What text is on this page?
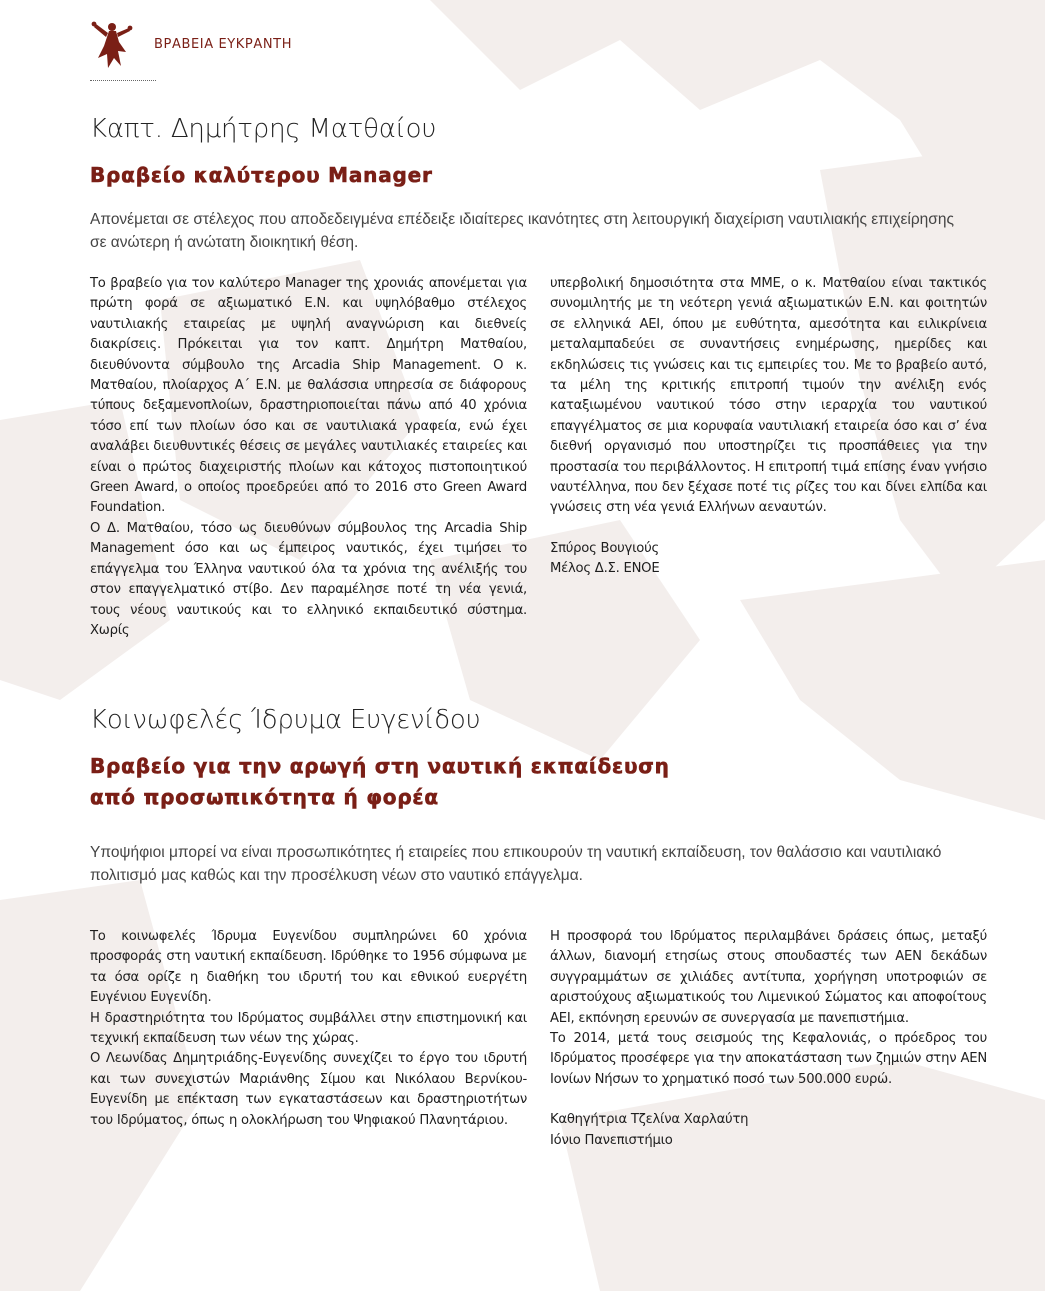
ΒΡΑΒΕΙΑ ΕΥΚΡΑΝΤΗ
Καπτ. Δημήτρης Ματθαίου
Βραβείο καλύτερου Manager
Απονέμεται σε στέλεχος που αποδεδειγμένα επέδειξε ιδιαίτερες ικανότητες στη λειτουργική διαχείριση ναυτιλιακής επιχείρησης σε ανώτερη ή ανώτατη διοικητική θέση.

Το βραβείο για τον καλύτερο Manager της χρονιάς απονέμεται για πρώτη φορά σε αξιωματικό Ε.Ν. και υψηλόβαθμο στέλεχος ναυτιλιακής εταιρείας με υψηλή αναγνώριση και διεθνείς διακρίσεις. Πρόκειται για τον καπτ. Δημήτρη Ματθαίου, διευθύνοντα σύμβουλο της Arcadia Ship Management. Ο κ. Ματθαίου, πλοίαρχος Α΄ Ε.Ν. με θαλάσσια υπηρεσία σε διάφορους τύπους δεξαμενοπλοίων, δραστηριοποιείται πάνω από 40 χρόνια τόσο επί των πλοίων όσο και σε ναυτιλιακά γραφεία, ενώ έχει αναλάβει διευθυντικές θέσεις σε μεγάλες ναυτιλιακές εταιρείες και είναι ο πρώτος διαχειριστής πλοίων και κάτοχος πιστοποιητικού Green Award, ο οποίος προεδρεύει από το 2016 στο Green Award Foundation.

Ο Δ. Ματθαίου, τόσο ως διευθύνων σύμβουλος της Arcadia Ship Management όσο και ως έμπειρος ναυτικός, έχει τιμήσει το επάγγελμα του Έλληνα ναυτικού όλα τα χρόνια της ανέλιξής του στον επαγγελματικό στίβο. Δεν παραμέλησε ποτέ τη νέα γενιά, τους νέους ναυτικούς και το ελληνικό εκπαιδευτικό σύστημα. Χωρίς

υπερβολική δημοσιότητα στα ΜΜΕ, ο κ. Ματθαίου είναι τακτικός συνομιλητής με τη νεότερη γενιά αξιωματικών Ε.Ν. και φοιτητών σε ελληνικά ΑΕΙ, όπου με ευθύτητα, αμεσότητα και ειλικρίνεια μεταλαμπαδεύει σε συναντήσεις ενημέρωσης, ημερίδες και εκδηλώσεις τις γνώσεις και τις εμπειρίες του. Με το βραβείο αυτό, τα μέλη της κριτικής επιτροπή τιμούν την ανέλιξη ενός καταξιωμένου ναυτικού τόσο στην ιεραρχία του ναυτικού επαγγέλματος σε μια κορυφαία ναυτιλιακή εταιρεία όσο και σ’ ένα διεθνή οργανισμό που υποστηρίζει τις προσπάθειες για την προστασία του περιβάλλοντος. Η επιτροπή τιμά επίσης έναν γνήσιο ναυτέλληνα, που δεν ξέχασε ποτέ τις ρίζες του και δίνει ελπίδα και γνώσεις στη νέα γενιά Ελλήνων αεναυτών.

Σπύρος Βουγιούς

Μέλος Δ.Σ. ΕΝΟΕ

Κοινωφελές Ίδρυμα Ευγενίδου
Βραβείο για την αρωγή στη ναυτική εκπαίδευση
από προσωπικότητα ή φορέα
Υποψήφιοι μπορεί να είναι προσωπικότητες ή εταιρείες που επικουρούν τη ναυτική εκπαίδευση, τον θαλάσσιο και ναυτιλιακό πολιτισμό μας καθώς και την προσέλκυση νέων στο ναυτικό επάγγελμα.

Το κοινωφελές Ίδρυμα Ευγενίδου συμπληρώνει 60 χρόνια προσφοράς στη ναυτική εκπαίδευση. Ιδρύθηκε το 1956 σύμφωνα με τα όσα ορίζε η διαθήκη του ιδρυτή του και εθνικού ευεργέτη Ευγένιου Ευγενίδη.

Η δραστηριότητα του Ιδρύματος συμβάλλει στην επιστημονική και τεχνική εκπαίδευση των νέων της χώρας.

Ο Λεωνίδας Δημητριάδης-Ευγενίδης συνεχίζει το έργο του ιδρυτή και των συνεχιστών Μαριάνθης Σίμου και Νικόλαου Βερνίκου-Ευγενίδη με επέκταση των εγκαταστάσεων και δραστηριοτήτων του Ιδρύματος, όπως η ολοκλήρωση του Ψηφιακού Πλανητάριου.

Η προσφορά του Ιδρύματος περιλαμβάνει δράσεις όπως, μεταξύ άλλων, διανομή ετησίως στους σπουδαστές των ΑΕΝ δεκάδων συγγραμμάτων σε χιλιάδες αντίτυπα, χορήγηση υποτροφιών σε αριστούχους αξιωματικούς του Λιμενικού Σώματος και αποφοίτους ΑΕΙ, εκπόνηση ερευνών σε συνεργασία με πανεπιστήμια.

Το 2014, μετά τους σεισμούς της Κεφαλονιάς, ο πρόεδρος του Ιδρύματος προσέφερε για την αποκατάσταση των ζημιών στην ΑΕΝ Ιονίων Νήσων το χρηματικό ποσό των 500.000 ευρώ.

Καθηγήτρια Τζελίνα Χαρλαύτη

Ιόνιο Πανεπιστήμιο
